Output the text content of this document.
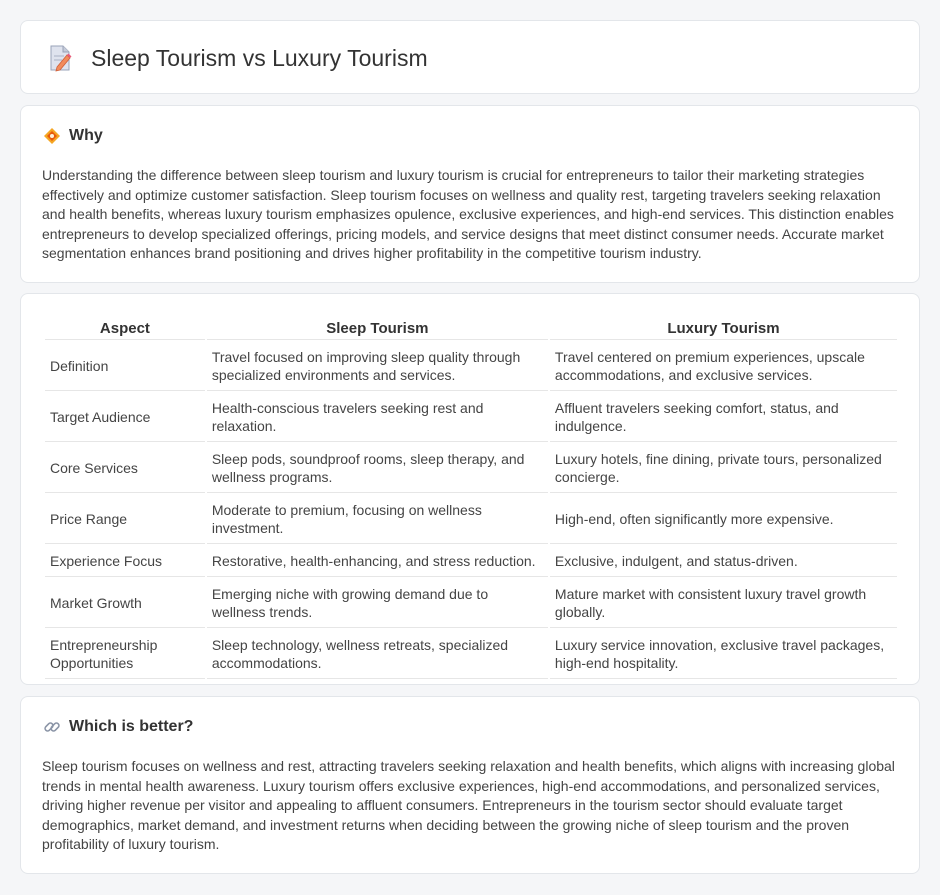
Sleep Tourism vs Luxury Tourism
Why

Understanding the difference between sleep tourism and luxury tourism is crucial for entrepreneurs to tailor their marketing strategies effectively and optimize customer satisfaction. Sleep tourism focuses on wellness and quality rest, targeting travelers seeking relaxation and health benefits, whereas luxury tourism emphasizes opulence, exclusive experiences, and high-end services. This distinction enables entrepreneurs to develop specialized offerings, pricing models, and service designs that meet distinct consumer needs. Accurate market segmentation enhances brand positioning and drives higher profitability in the competitive tourism industry.

Aspect	Sleep Tourism	Luxury Tourism
Definition	Travel focused on improving sleep quality through specialized environments and services.	Travel centered on premium experiences, upscale accommodations, and exclusive services.
Target Audience	Health-conscious travelers seeking rest and relaxation.	Affluent travelers seeking comfort, status, and indulgence.
Core Services	Sleep pods, soundproof rooms, sleep therapy, and wellness programs.	Luxury hotels, fine dining, private tours, personalized concierge.
Price Range	Moderate to premium, focusing on wellness investment.	High-end, often significantly more expensive.
Experience Focus	Restorative, health-enhancing, and stress reduction.	Exclusive, indulgent, and status-driven.
Market Growth	Emerging niche with growing demand due to wellness trends.	Mature market with consistent luxury travel growth globally.
Entrepreneurship Opportunities	Sleep technology, wellness retreats, specialized accommodations.	Luxury service innovation, exclusive travel packages, high-end hospitality.
Which is better?

Sleep tourism focuses on wellness and rest, attracting travelers seeking relaxation and health benefits, which aligns with increasing global trends in mental health awareness. Luxury tourism offers exclusive experiences, high-end accommodations, and personalized services, driving higher revenue per visitor and appealing to affluent consumers. Entrepreneurs in the tourism sector should evaluate target demographics, market demand, and investment returns when deciding between the growing niche of sleep tourism and the proven profitability of luxury tourism.
